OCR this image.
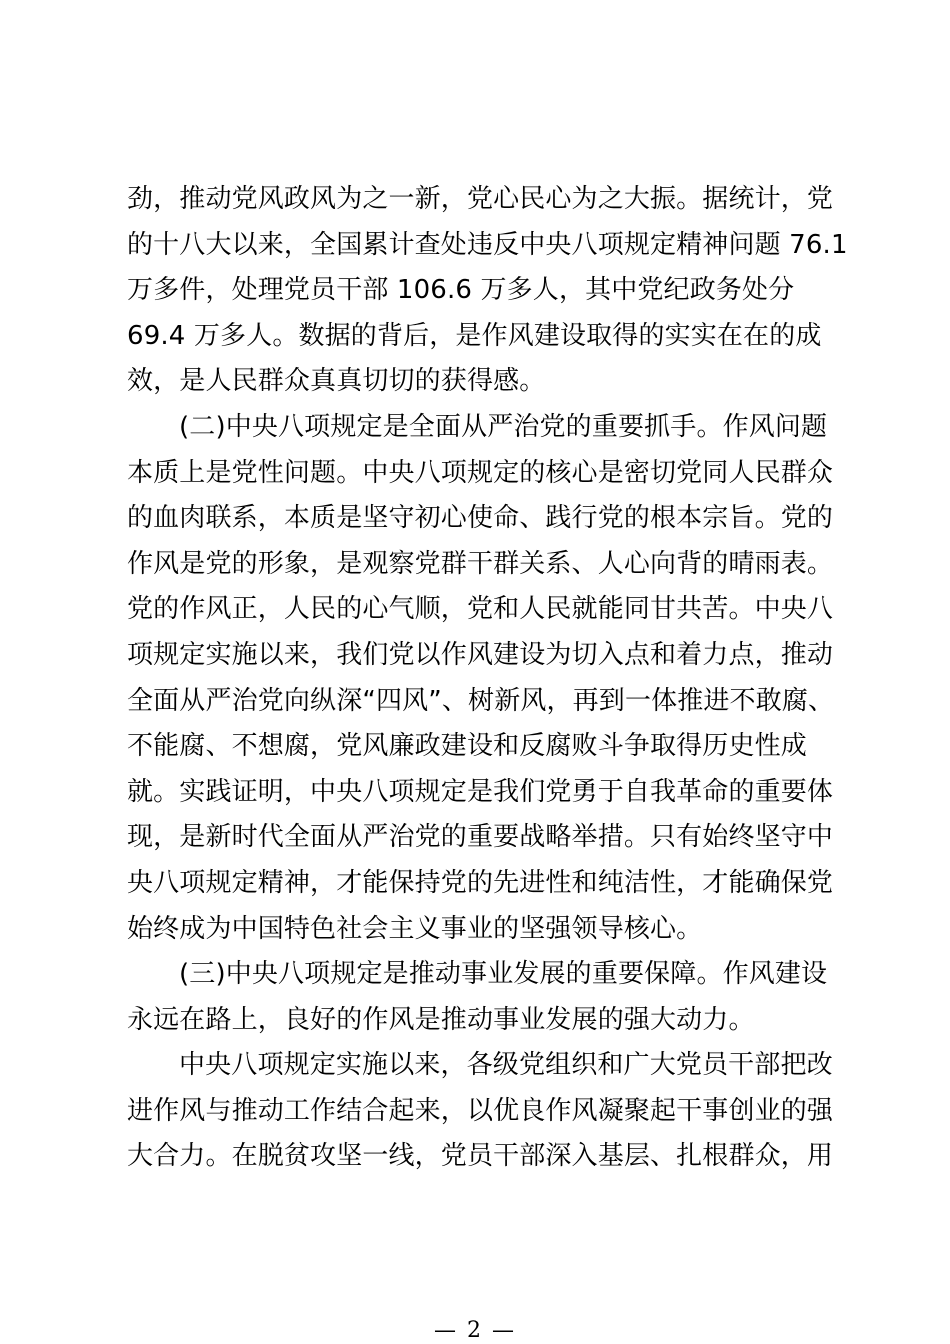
劲，推动党风政风为之一新，党心民心为之大振。据统计，党
的十八大以来，全国累计查处违反中央八项规定精神问题 76.1
万多件，处理党员干部 106.6 万多人，其中党纪政务处分
69.4 万多人。数据的背后，是作风建设取得的实实在在的成
效，是人民群众真真切切的获得感。
(二)中央八项规定是全面从严治党的重要抓手。作风问题
本质上是党性问题。中央八项规定的核心是密切党同人民群众
的血肉联系，本质是坚守初心使命、践行党的根本宗旨。党的
作风是党的形象，是观察党群干群关系、人心向背的晴雨表。
党的作风正，人民的心气顺，党和人民就能同甘共苦。中央八
项规定实施以来，我们党以作风建设为切入点和着力点，推动
全面从严治党向纵深“四风”、树新风，再到一体推进不敢腐、
不能腐、不想腐，党风廉政建设和反腐败斗争取得历史性成
就。实践证明，中央八项规定是我们党勇于自我革命的重要体
现，是新时代全面从严治党的重要战略举措。只有始终坚守中
央八项规定精神，才能保持党的先进性和纯洁性，才能确保党
始终成为中国特色社会主义事业的坚强领导核心。
(三)中央八项规定是推动事业发展的重要保障。作风建设
永远在路上，良好的作风是推动事业发展的强大动力。
中央八项规定实施以来，各级党组织和广大党员干部把改
进作风与推动工作结合起来，以优良作风凝聚起干事创业的强
大合力。在脱贫攻坚一线，党员干部深入基层、扎根群众，用
— 2 —
